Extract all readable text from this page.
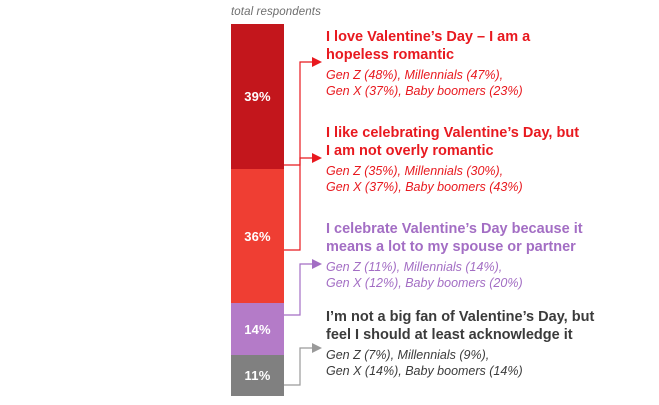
total respondents
39%
36%
14%
11%
I love Valentine’s Day – I am a
hopeless romantic
Gen Z (48%), Millennials (47%),
Gen X (37%), Baby boomers (23%)
I like celebrating Valentine’s Day, but
I am not overly romantic
Gen Z (35%), Millennials (30%),
Gen X (37%), Baby boomers (43%)
I celebrate Valentine’s Day because it
means a lot to my spouse or partner
Gen Z (11%), Millennials (14%),
Gen X (12%), Baby boomers (20%)
I’m not a big fan of Valentine’s Day, but
feel I should at least acknowledge it
Gen Z (7%), Millennials (9%),
Gen X (14%), Baby boomers (14%)
